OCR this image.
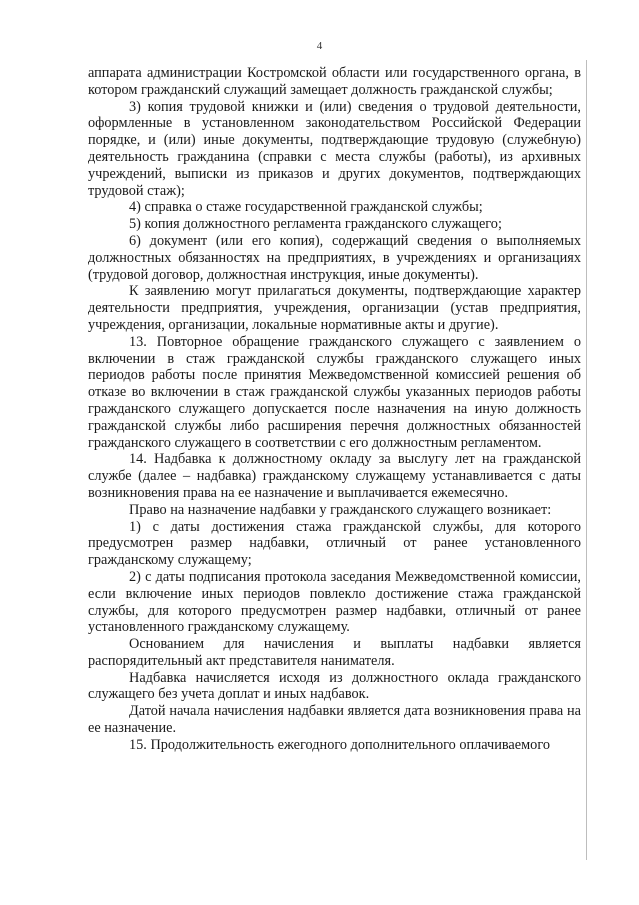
4

аппарата администрации Костромской области или государственного органа, в котором гражданский служащий замещает должность гражданской службы;

3) копия трудовой книжки и (или) сведения о трудовой деятельности, оформленные в установленном законодательством Российской Федерации порядке, и (или) иные документы, подтверждающие трудовую (служебную) деятельность гражданина (справки с места службы (работы), из архивных учреждений, выписки из приказов и других документов, подтверждающих трудовой стаж);

4) справка о стаже государственной гражданской службы;

5) копия должностного регламента гражданского служащего;

6) документ (или его копия), содержащий сведения о выполняемых должностных обязанностях на предприятиях, в учреждениях и организациях (трудовой договор, должностная инструкция, иные документы).

К заявлению могут прилагаться документы, подтверждающие характер деятельности предприятия, учреждения, организации (устав предприятия, учреждения, организации, локальные нормативные акты и другие).

13. Повторное обращение гражданского служащего с заявлением о включении в стаж гражданской службы гражданского служащего иных периодов работы после принятия Межведомственной комиссией решения об отказе во включении в стаж гражданской службы указанных периодов работы гражданского служащего допускается после назначения на иную должность гражданской службы либо расширения перечня должностных обязанностей гражданского служащего в соответствии с его должностным регламентом.

14. Надбавка к должностному окладу за выслугу лет на гражданской службе (далее – надбавка) гражданскому служащему устанавливается с даты возникновения права на ее назначение и выплачивается ежемесячно.

Право на назначение надбавки у гражданского служащего возникает:

1) с даты достижения стажа гражданской службы, для которого предусмотрен размер надбавки, отличный от ранее установленного гражданскому служащему;

2) с даты подписания протокола заседания Межведомственной комиссии, если включение иных периодов повлекло достижение стажа гражданской службы, для которого предусмотрен размер надбавки, отличный от ранее установленного гражданскому служащему.

Основанием для начисления и выплаты надбавки является распорядительный акт представителя нанимателя.

Надбавка начисляется исходя из должностного оклада гражданского служащего без учета доплат и иных надбавок.

Датой начала начисления надбавки является дата возникновения права на ее назначение.

15. Продолжительность ежегодного дополнительного оплачиваемого
